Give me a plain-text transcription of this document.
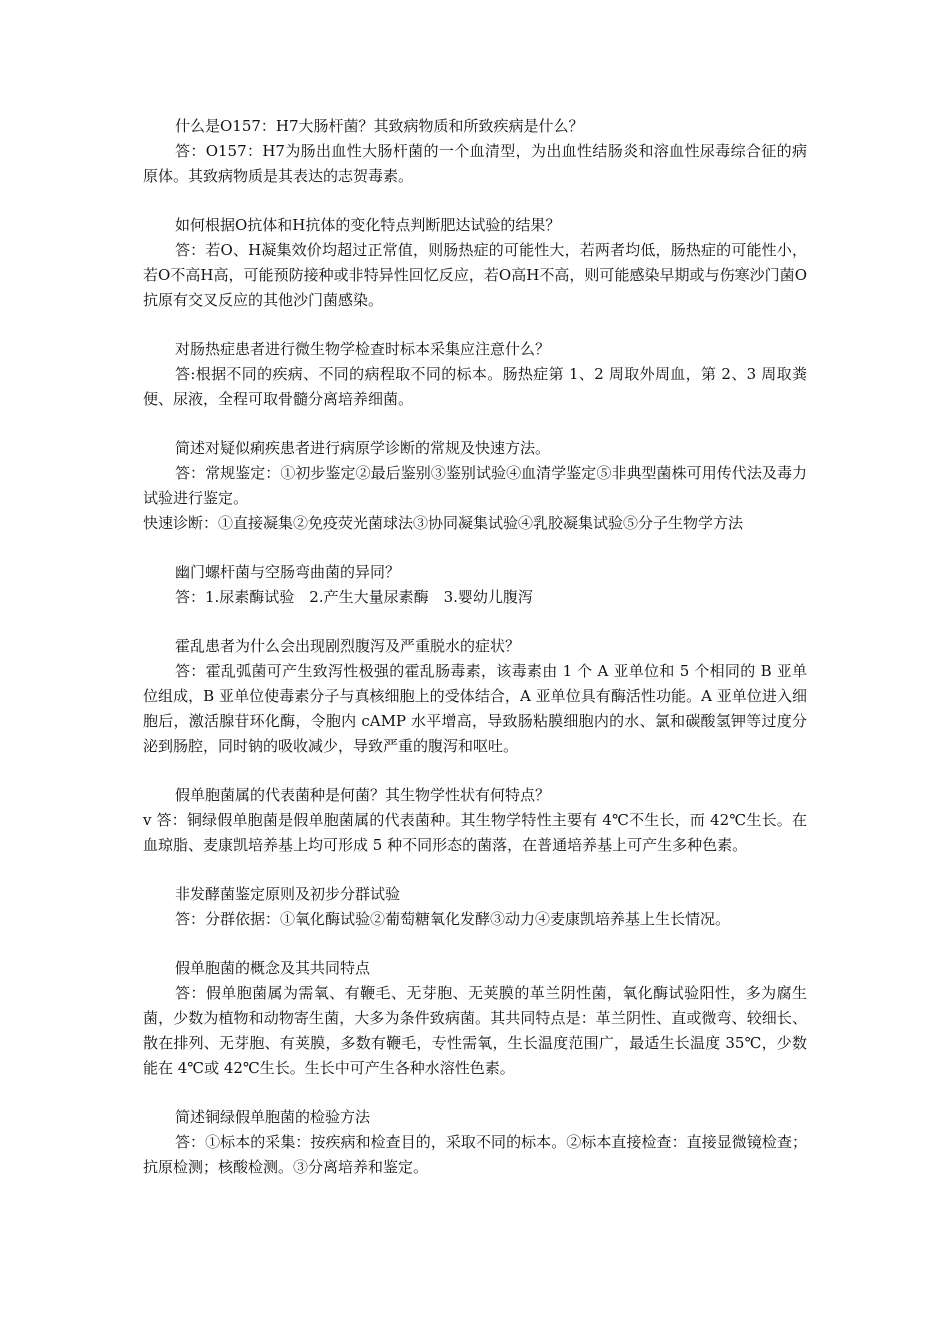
什么是O157：H7大肠杆菌？其致病物质和所致疾病是什么？

答：O157：H7为肠出血性大肠杆菌的一个血清型，为出血性结肠炎和溶血性尿毒综合征的病原体。其致病物质是其表达的志贺毒素。

如何根据O抗体和H抗体的变化特点判断肥达试验的结果？

答：若O、H凝集效价均超过正常值，则肠热症的可能性大，若两者均低，肠热症的可能性小，若O不高H高，可能预防接种或非特异性回忆反应，若O高H不高，则可能感染早期或与伤寒沙门菌O抗原有交叉反应的其他沙门菌感染。

对肠热症患者进行微生物学检查时标本采集应注意什么？

答:根据不同的疾病、不同的病程取不同的标本。肠热症第 1、2 周取外周血，第 2、3 周取粪便、尿液，全程可取骨髓分离培养细菌。

简述对疑似痢疾患者进行病原学诊断的常规及快速方法。

答：常规鉴定：①初步鉴定②最后鉴别③鉴别试验④血清学鉴定⑤非典型菌株可用传代法及毒力试验进行鉴定。

快速诊断：①直接凝集②免疫荧光菌球法③协同凝集试验④乳胶凝集试验⑤分子生物学方法

幽门螺杆菌与空肠弯曲菌的异同？

答：1.尿素酶试验　2.产生大量尿素酶　3.婴幼儿腹泻

霍乱患者为什么会出现剧烈腹泻及严重脱水的症状？

答：霍乱弧菌可产生致泻性极强的霍乱肠毒素，该毒素由 1 个 A 亚单位和 5 个相同的 B 亚单位组成，B 亚单位使毒素分子与真核细胞上的受体结合，A 亚单位具有酶活性功能。A 亚单位进入细胞后，激活腺苷环化酶，令胞内 cAMP 水平增高，导致肠粘膜细胞内的水、氯和碳酸氢钾等过度分泌到肠腔，同时钠的吸收减少，导致严重的腹泻和呕吐。

假单胞菌属的代表菌种是何菌？其生物学性状有何特点？

v 答：铜绿假单胞菌是假单胞菌属的代表菌种。其生物学特性主要有 4℃不生长，而 42℃生长。在血琼脂、麦康凯培养基上均可形成 5 种不同形态的菌落，在普通培养基上可产生多种色素。

非发酵菌鉴定原则及初步分群试验

答：分群依据：①氧化酶试验②葡萄糖氧化发酵③动力④麦康凯培养基上生长情况。

假单胞菌的概念及其共同特点

答：假单胞菌属为需氧、有鞭毛、无芽胞、无荚膜的革兰阴性菌，氧化酶试验阳性，多为腐生菌，少数为植物和动物寄生菌，大多为条件致病菌。其共同特点是：革兰阴性、直或微弯、较细长、散在排列、无芽胞、有荚膜，多数有鞭毛，专性需氧，生长温度范围广，最适生长温度 35℃，少数能在 4℃或 42℃生长。生长中可产生各种水溶性色素。

简述铜绿假单胞菌的检验方法

答：①标本的采集：按疾病和检查目的，采取不同的标本。②标本直接检查：直接显微镜检查；抗原检测；核酸检测。③分离培养和鉴定。
